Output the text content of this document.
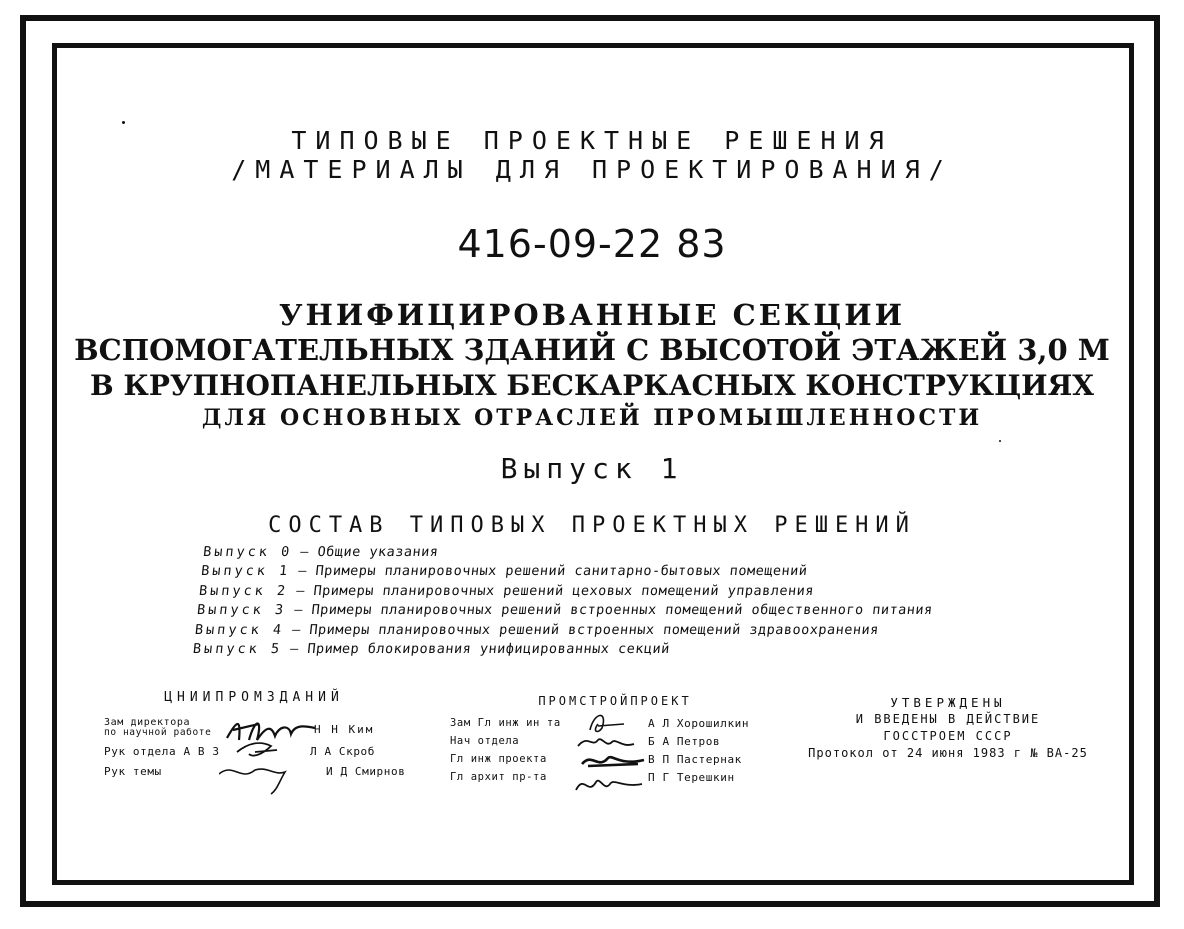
ТИПОВЫЕ ПРОЕКТНЫЕ РЕШЕНИЯ
/МАТЕРИАЛЫ ДЛЯ ПРОЕКТИРОВАНИЯ/
416-09-22 83
УНИФИЦИРОВАННЫЕ СЕКЦИИ
ВСПОМОГАТЕЛЬНЫХ ЗДАНИЙ С ВЫСОТОЙ ЭТАЖЕЙ 3,0 М
В КРУПНОПАНЕЛЬНЫХ БЕСКАРКАСНЫХ КОНСТРУКЦИЯХ
ДЛЯ ОСНОВНЫХ ОТРАСЛЕЙ ПРОМЫШЛЕННОСТИ
Выпуск 1
СОСТАВ ТИПОВЫХ ПРОЕКТНЫХ РЕШЕНИЙ
Выпуск 0 – Общие указания
Выпуск 1 – Примеры планировочных решений санитарно-бытовых помещений
Выпуск 2 – Примеры планировочных решений цеховых помещений управления
Выпуск 3 – Примеры планировочных решений встроенных помещений общественного питания
Выпуск 4 – Примеры планировочных решений встроенных помещений здравоохранения
Выпуск 5 – Пример блокирования унифицированных секций
ЦНИИПРОМЗДАНИЙ
Зам директора
по научной работе	Н Н Ким
Рук отдела А В З	Л А Скроб
Рук темы	И Д Смирнов
ПРОМСТРОЙПРОЕКТ
Зам Гл инж ин та	А Л Хорошилкин
Нач отдела	Б А Петров
Гл инж проекта	В П Пастернак
Гл архит пр-та	П Г Терешкин
УТВЕРЖДЕНЫ
И ВВЕДЕНЫ В ДЕЙСТВИЕ
ГОССТРОЕМ СССР
Протокол от 24 июня 1983 г № ВА-25
